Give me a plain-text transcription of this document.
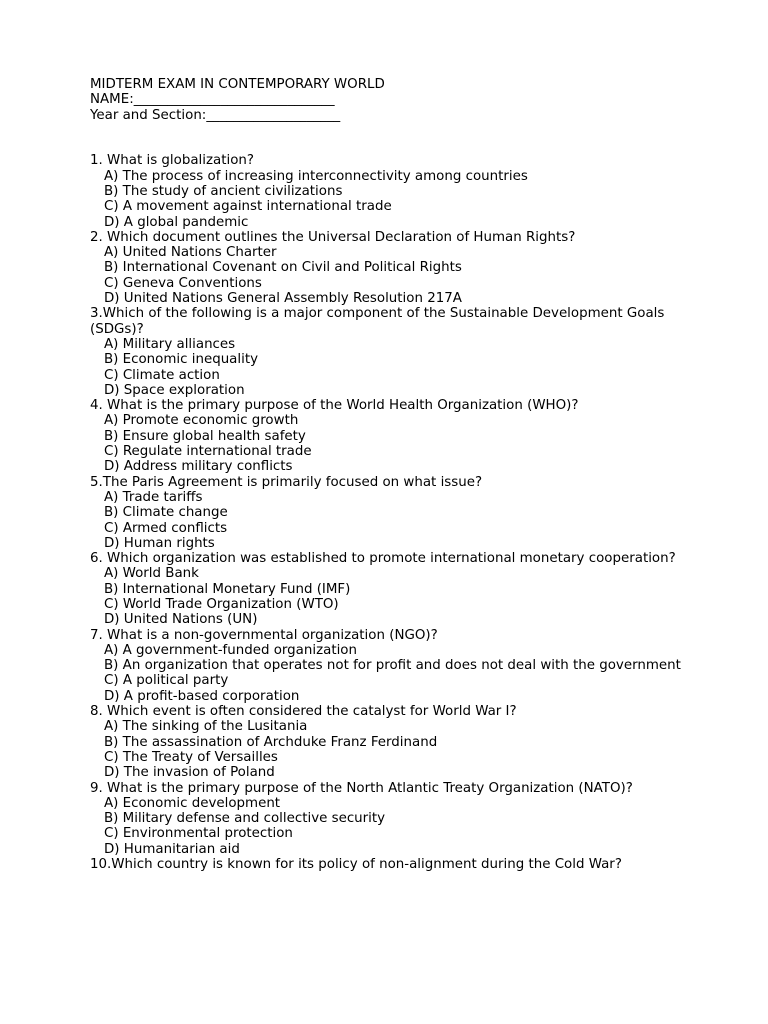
MIDTERM EXAM IN CONTEMPORARY WORLD
NAME:______________________________
Year and Section:____________________
1. What is globalization?
A) The process of increasing interconnectivity among countries
B) The study of ancient civilizations
C) A movement against international trade
D) A global pandemic
2. Which document outlines the Universal Declaration of Human Rights?
A) United Nations Charter
B) International Covenant on Civil and Political Rights
C) Geneva Conventions
D) United Nations General Assembly Resolution 217A
3.Which of the following is a major component of the Sustainable Development Goals (SDGs)?
A) Military alliances
B) Economic inequality
C) Climate action
D) Space exploration
4. What is the primary purpose of the World Health Organization (WHO)?
A) Promote economic growth
B) Ensure global health safety
C) Regulate international trade
D) Address military conflicts
5.The Paris Agreement is primarily focused on what issue?
A) Trade tariffs
B) Climate change
C) Armed conflicts
D) Human rights
6. Which organization was established to promote international monetary cooperation?
A) World Bank
B) International Monetary Fund (IMF)
C) World Trade Organization (WTO)
D) United Nations (UN)
7. What is a non-governmental organization (NGO)?
A) A government-funded organization
B) An organization that operates not for profit and does not deal with the government
C) A political party
D) A profit-based corporation
8. Which event is often considered the catalyst for World War I?
A) The sinking of the Lusitania
B) The assassination of Archduke Franz Ferdinand
C) The Treaty of Versailles
D) The invasion of Poland
9. What is the primary purpose of the North Atlantic Treaty Organization (NATO)?
A) Economic development
B) Military defense and collective security
C) Environmental protection
D) Humanitarian aid
10.Which country is known for its policy of non-alignment during the Cold War?
